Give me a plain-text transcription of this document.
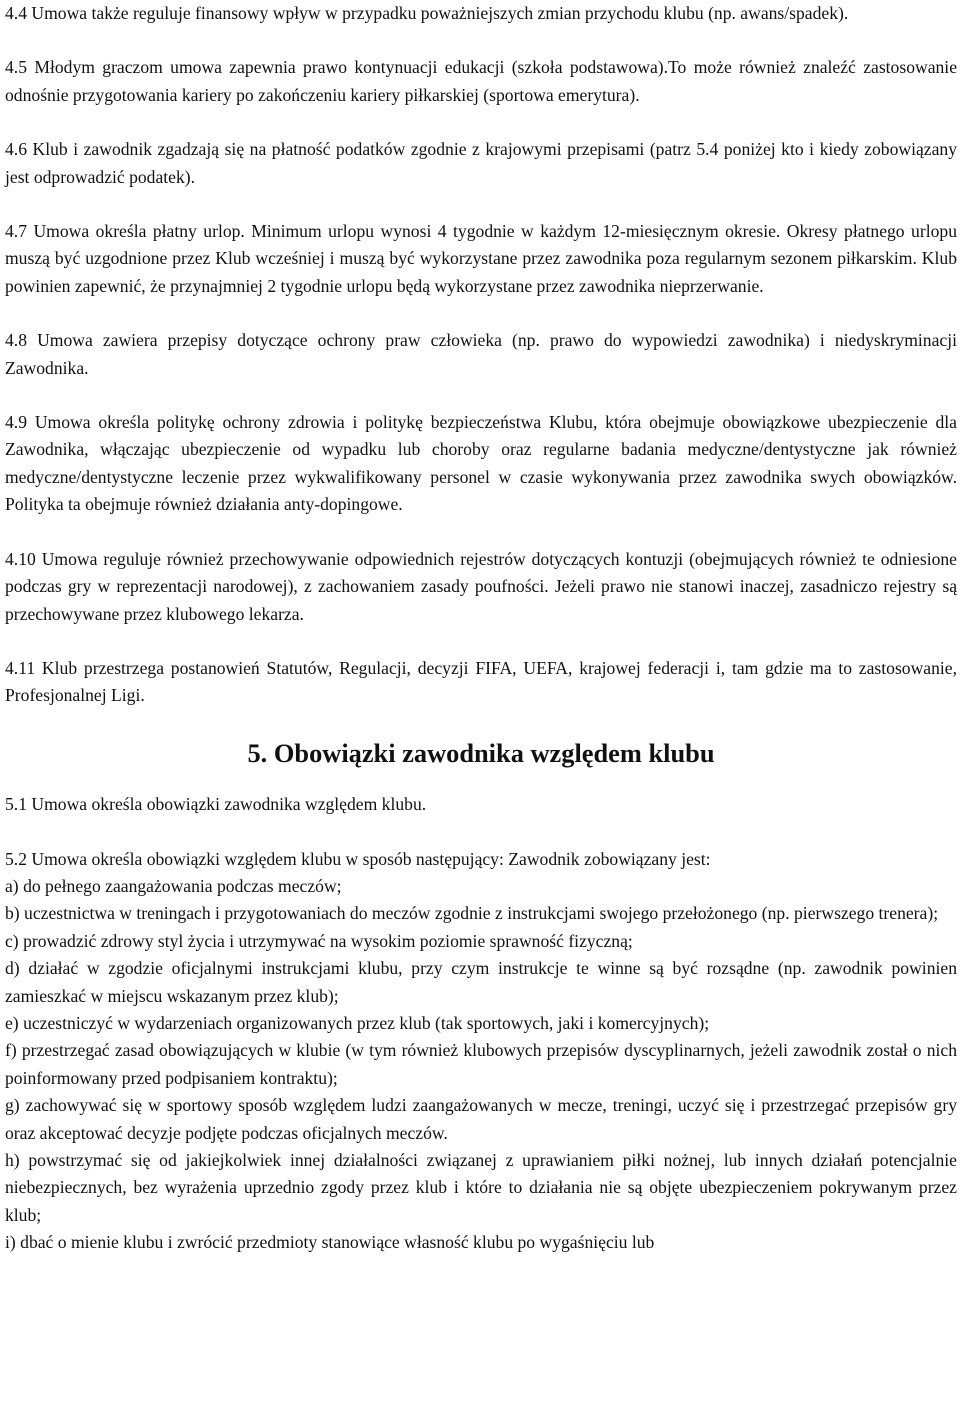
4.4 Umowa także reguluje finansowy wpływ w przypadku poważniejszych zmian przychodu klubu (np. awans/spadek).

4.5 Młodym graczom umowa zapewnia prawo kontynuacji edukacji (szkoła podstawowa).To może również znaleźć zastosowanie odnośnie przygotowania kariery po zakończeniu kariery piłkarskiej (sportowa emerytura).

4.6 Klub i zawodnik zgadzają się na płatność podatków zgodnie z krajowymi przepisami (patrz 5.4 poniżej kto i kiedy zobowiązany jest odprowadzić podatek).

4.7 Umowa określa płatny urlop. Minimum urlopu wynosi 4 tygodnie w każdym 12-miesięcznym okresie. Okresy płatnego urlopu muszą być uzgodnione przez Klub wcześniej i muszą być wykorzystane przez zawodnika poza regularnym sezonem piłkarskim. Klub powinien zapewnić, że przynajmniej 2 tygodnie urlopu będą wykorzystane przez zawodnika nieprzerwanie.

4.8 Umowa zawiera przepisy dotyczące ochrony praw człowieka (np. prawo do wypowiedzi zawodnika) i niedyskryminacji Zawodnika.

4.9 Umowa określa politykę ochrony zdrowia i politykę bezpieczeństwa Klubu, która obejmuje obowiązkowe ubezpieczenie dla Zawodnika, włączając ubezpieczenie od wypadku lub choroby oraz regularne badania medyczne/dentystyczne jak również medyczne/dentystyczne leczenie przez wykwalifikowany personel w czasie wykonywania przez zawodnika swych obowiązków. Polityka ta obejmuje również działania anty-dopingowe.

4.10 Umowa reguluje również przechowywanie odpowiednich rejestrów dotyczących kontuzji (obejmujących również te odniesione podczas gry w reprezentacji narodowej), z zachowaniem zasady poufności. Jeżeli prawo nie stanowi inaczej, zasadniczo rejestry są przechowywane przez klubowego lekarza.

4.11 Klub przestrzega postanowień Statutów, Regulacji, decyzji FIFA, UEFA, krajowej federacji i, tam gdzie ma to zastosowanie, Profesjonalnej Ligi.

5. Obowiązki zawodnika względem klubu

5.1 Umowa określa obowiązki zawodnika względem klubu.

5.2 Umowa określa obowiązki względem klubu w sposób następujący: Zawodnik zobowiązany jest:

a) do pełnego zaangażowania podczas meczów;
b) uczestnictwa w treningach i przygotowaniach do meczów zgodnie z instrukcjami swojego przełożonego (np. pierwszego trenera);
c) prowadzić zdrowy styl życia i utrzymywać na wysokim poziomie sprawność fizyczną;
d) działać w zgodzie oficjalnymi instrukcjami klubu, przy czym instrukcje te winne są być rozsądne (np. zawodnik powinien zamieszkać w miejscu wskazanym przez klub);
e) uczestniczyć w wydarzeniach organizowanych przez klub (tak sportowych, jaki i komercyjnych);
f) przestrzegać zasad obowiązujących w klubie (w tym również klubowych przepisów dyscyplinarnych, jeżeli zawodnik został o nich poinformowany przed podpisaniem kontraktu);
g) zachowywać się w sportowy sposób względem ludzi zaangażowanych w mecze, treningi, uczyć się i przestrzegać przepisów gry oraz akceptować decyzje podjęte podczas oficjalnych meczów.
h) powstrzymać się od jakiejkolwiek innej działalności związanej z uprawianiem piłki nożnej, lub innych działań potencjalnie niebezpiecznych, bez wyrażenia uprzednio zgody przez klub i które to działania nie są objęte ubezpieczeniem pokrywanym przez klub;
i) dbać o mienie klubu i zwrócić przedmioty stanowiące własność klubu po wygaśnięciu lub
